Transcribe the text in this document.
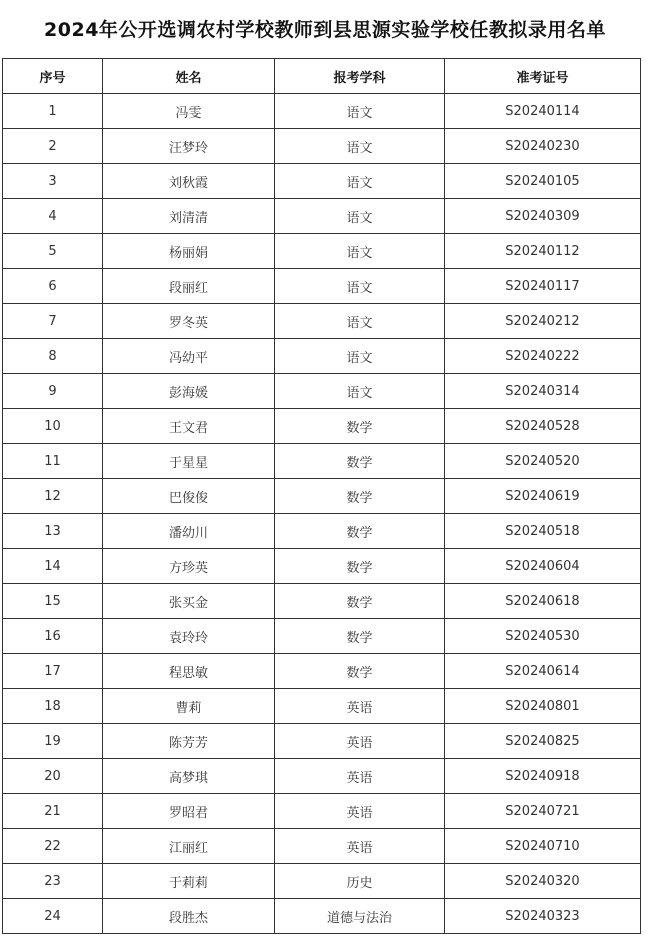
2024年公开选调农村学校教师到县思源实验学校任教拟录用名单
序号	姓名	报考学科	准考证号
1	冯雯	语文	S20240114
2	汪梦玲	语文	S20240230
3	刘秋霞	语文	S20240105
4	刘清清	语文	S20240309
5	杨丽娟	语文	S20240112
6	段丽红	语文	S20240117
7	罗冬英	语文	S20240212
8	冯幼平	语文	S20240222
9	彭海媛	语文	S20240314
10	王文君	数学	S20240528
11	于星星	数学	S20240520
12	巴俊俊	数学	S20240619
13	潘幼川	数学	S20240518
14	方珍英	数学	S20240604
15	张买金	数学	S20240618
16	袁玲玲	数学	S20240530
17	程思敏	数学	S20240614
18	曹莉	英语	S20240801
19	陈芳芳	英语	S20240825
20	高梦琪	英语	S20240918
21	罗昭君	英语	S20240721
22	江丽红	英语	S20240710
23	于莉莉	历史	S20240320
24	段胜杰	道德与法治	S20240323
